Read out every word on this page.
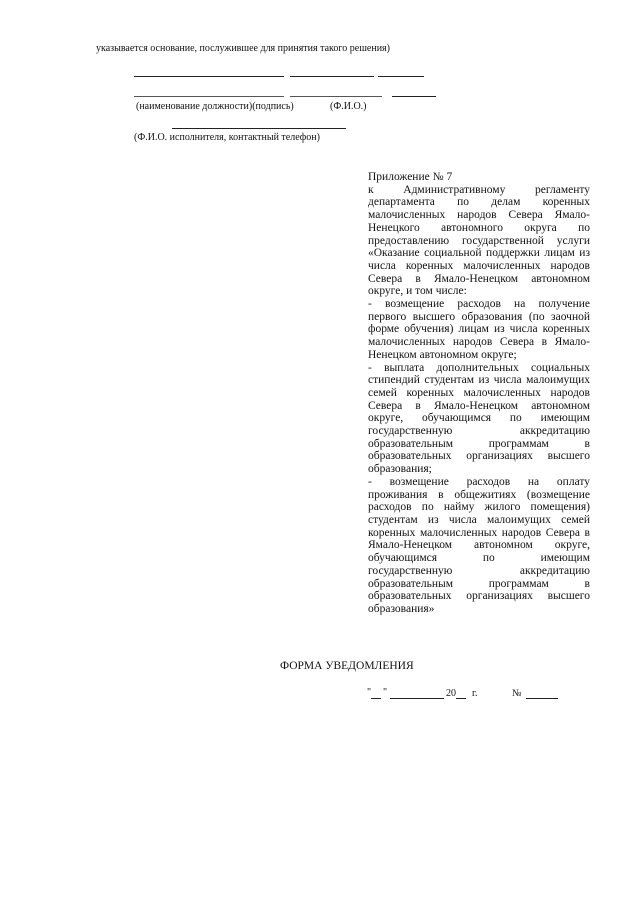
указывается основание, послужившее для принятия такого решения)
(наименование должности)(подпись)	(Ф.И.О.)
(Ф.И.О. исполнителя, контактный телефон)
Приложение № 7
к Административному регламенту департамента по делам коренных малочисленных народов Севера Ямало-Ненецкого автономного округа по предоставлению государственной услуги «Оказание социальной поддержки лицам из числа коренных малочисленных народов Севера в Ямало-Ненецком автономном округе, и том числе:
- возмещение расходов на получение первого высшего образования (по заочной форме обучения) лицам из числа коренных малочисленных народов Севера в Ямало-Ненецком автономном округе;
- выплата дополнительных социальных стипендий студентам из числа малоимущих семей коренных малочисленных народов Севера в Ямало-Ненецком автономном округе, обучающимся по имеющим государственную аккредитацию образовательным программам в образовательных организациях высшего образования;
- возмещение расходов на оплату проживания в общежитиях (возмещение расходов по найму жилого помещения) студентам из числа малоимущих семей коренных малочисленных народов Севера в Ямало-Ненецком автономном округе, обучающимся по имеющим государственную аккредитацию образовательным программам в образовательных организациях высшего образования»
ФОРМА УВЕДОМЛЕНИЯ
" "	20 г.	№
